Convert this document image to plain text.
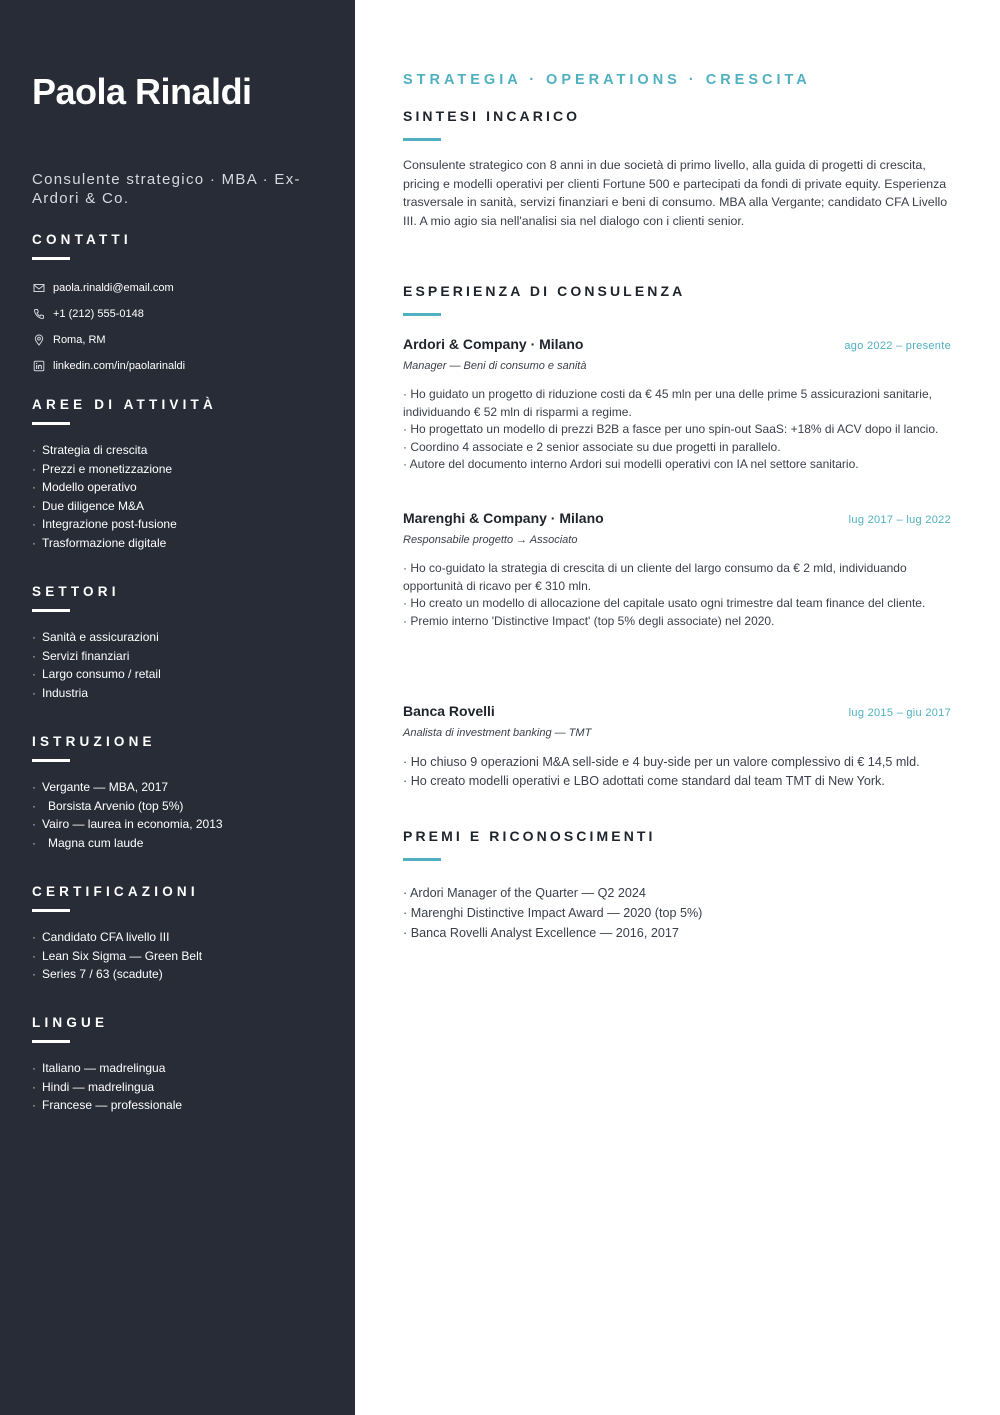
Paola Rinaldi
Consulente strategico · MBA · Ex-Ardori & Co.
CONTATTI
paola.rinaldi@email.com
+1 (212) 555-0148
Roma, RM
linkedin.com/in/paolarinaldi
AREE DI ATTIVITÀ
· Strategia di crescita
· Prezzi e monetizzazione
· Modello operativo
· Due diligence M&A
· Integrazione post-fusione
· Trasformazione digitale
SETTORI
· Sanità e assicurazioni
· Servizi finanziari
· Largo consumo / retail
· Industria
ISTRUZIONE
· Vergante — MBA, 2017
· Borsista Arvenio (top 5%)
· Vairo — laurea in economia, 2013
· Magna cum laude
CERTIFICAZIONI
· Candidato CFA livello III
· Lean Six Sigma — Green Belt
· Series 7 / 63 (scadute)
LINGUE
· Italiano — madrelingua
· Hindi — madrelingua
· Francese — professionale
STRATEGIA · OPERATIONS · CRESCITA
SINTESI INCARICO

Consulente strategico con 8 anni in due società di primo livello, alla guida di progetti di crescita, pricing e modelli operativi per clienti Fortune 500 e partecipati da fondi di private equity. Esperienza trasversale in sanità, servizi finanziari e beni di consumo. MBA alla Vergante; candidato CFA Livello III. A mio agio sia nell'analisi sia nel dialogo con i clienti senior.

ESPERIENZA DI CONSULENZA
Ardori & Company · Milano	ago 2022 – presente
Manager — Beni di consumo e sanità
· Ho guidato un progetto di riduzione costi da € 45 mln per una delle prime 5 assicurazioni sanitarie, individuando € 52 mln di risparmi a regime.
· Ho progettato un modello di prezzi B2B a fasce per uno spin-out SaaS: +18% di ACV dopo il lancio.
· Coordino 4 associate e 2 senior associate su due progetti in parallelo.
· Autore del documento interno Ardori sui modelli operativi con IA nel settore sanitario.
Marenghi & Company · Milano	lug 2017 – lug 2022
Responsabile progetto → Associato
· Ho co-guidato la strategia di crescita di un cliente del largo consumo da € 2 mld, individuando opportunità di ricavo per € 310 mln.
· Ho creato un modello di allocazione del capitale usato ogni trimestre dal team finance del cliente.
· Premio interno 'Distinctive Impact' (top 5% degli associate) nel 2020.
Banca Rovelli	lug 2015 – giu 2017
Analista di investment banking — TMT
· Ho chiuso 9 operazioni M&A sell-side e 4 buy-side per un valore complessivo di € 14,5 mld.
· Ho creato modelli operativi e LBO adottati come standard dal team TMT di New York.
PREMI E RICONOSCIMENTI
· Ardori Manager of the Quarter — Q2 2024
· Marenghi Distinctive Impact Award — 2020 (top 5%)
· Banca Rovelli Analyst Excellence — 2016, 2017
